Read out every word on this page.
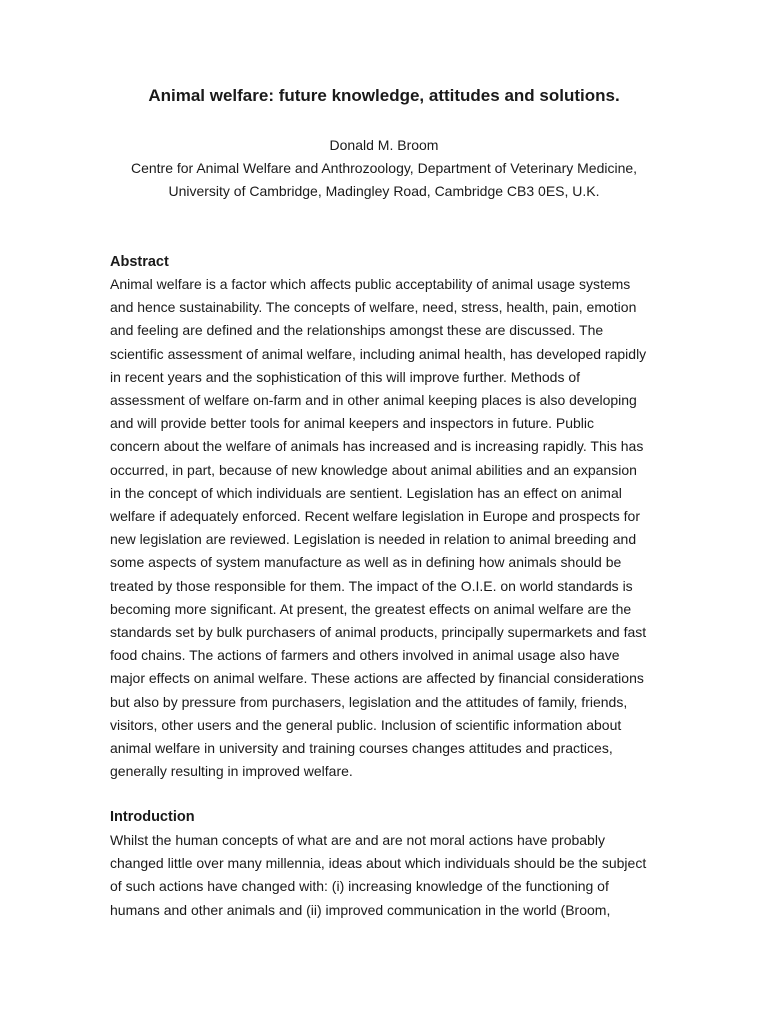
Animal welfare: future knowledge, attitudes and solutions.
Donald M. Broom
Centre for Animal Welfare and Anthrozoology, Department of Veterinary Medicine,
University of Cambridge, Madingley Road, Cambridge CB3 0ES, U.K.
Abstract
Animal welfare is a factor which affects public acceptability of animal usage systems
and hence sustainability. The concepts of welfare, need, stress, health, pain, emotion
and feeling are defined and the relationships amongst these are discussed. The
scientific assessment of animal welfare, including animal health, has developed rapidly
in recent years and the sophistication of this will improve further. Methods of
assessment of welfare on-farm and in other animal keeping places is also developing
and will provide better tools for animal keepers and inspectors in future. Public
concern about the welfare of animals has increased and is increasing rapidly. This has
occurred, in part, because of new knowledge about animal abilities and an expansion
in the concept of which individuals are sentient. Legislation has an effect on animal
welfare if adequately enforced. Recent welfare legislation in Europe and prospects for
new legislation are reviewed. Legislation is needed in relation to animal breeding and
some aspects of system manufacture as well as in defining how animals should be
treated by those responsible for them. The impact of the O.I.E. on world standards is
becoming more significant. At present, the greatest effects on animal welfare are the
standards set by bulk purchasers of animal products, principally supermarkets and fast
food chains. The actions of farmers and others involved in animal usage also have
major effects on animal welfare. These actions are affected by financial considerations
but also by pressure from purchasers, legislation and the attitudes of family, friends,
visitors, other users and the general public. Inclusion of scientific information about
animal welfare in university and training courses changes attitudes and practices,
generally resulting in improved welfare.
Introduction
Whilst the human concepts of what are and are not moral actions have probably
changed little over many millennia, ideas about which individuals should be the subject
of such actions have changed with: (i) increasing knowledge of the functioning of
humans and other animals and (ii) improved communication in the world (Broom,
